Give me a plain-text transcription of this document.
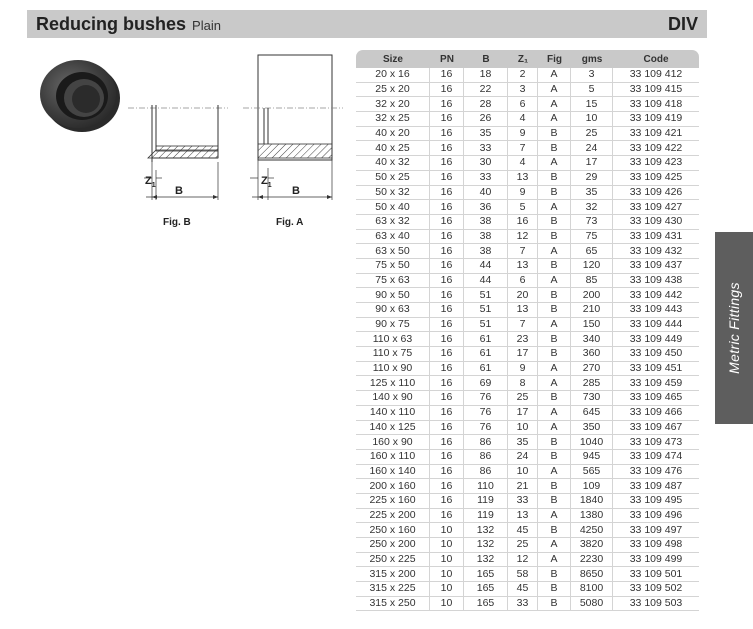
Reducing bushes Plain	DIV
$Z_1$ B
$Z_1$ B
Fig. B	Fig. A
Size	PN	B	Z₁	Fig	gms	Code
20 x 16	16	18	2	A	3	33 109 412
25 x 20	16	22	3	A	5	33 109 415
32 x 20	16	28	6	A	15	33 109 418
32 x 25	16	26	4	A	10	33 109 419
40 x 20	16	35	9	B	25	33 109 421
40 x 25	16	33	7	B	24	33 109 422
40 x 32	16	30	4	A	17	33 109 423
50 x 25	16	33	13	B	29	33 109 425
50 x 32	16	40	9	B	35	33 109 426
50 x 40	16	36	5	A	32	33 109 427
63 x 32	16	38	16	B	73	33 109 430
63 x 40	16	38	12	B	75	33 109 431
63 x 50	16	38	7	A	65	33 109 432
75 x 50	16	44	13	B	120	33 109 437
75 x 63	16	44	6	A	85	33 109 438
90 x 50	16	51	20	B	200	33 109 442
90 x 63	16	51	13	B	210	33 109 443
90 x 75	16	51	7	A	150	33 109 444
110 x 63	16	61	23	B	340	33 109 449
110 x 75	16	61	17	B	360	33 109 450
110 x 90	16	61	9	A	270	33 109 451
125 x 110	16	69	8	A	285	33 109 459
140 x 90	16	76	25	B	730	33 109 465
140 x 110	16	76	17	A	645	33 109 466
140 x 125	16	76	10	A	350	33 109 467
160 x 90	16	86	35	B	1040	33 109 473
160 x 110	16	86	24	B	945	33 109 474
160 x 140	16	86	10	A	565	33 109 476
200 x 160	16	110	21	B	109	33 109 487
225 x 160	16	119	33	B	1840	33 109 495
225 x 200	16	119	13	A	1380	33 109 496
250 x 160	10	132	45	B	4250	33 109 497
250 x 200	10	132	25	A	3820	33 109 498
250 x 225	10	132	12	A	2230	33 109 499
315 x 200	10	165	58	B	8650	33 109 501
315 x 225	10	165	45	B	8100	33 109 502
315 x 250	10	165	33	B	5080	33 109 503
Metric Fittings
